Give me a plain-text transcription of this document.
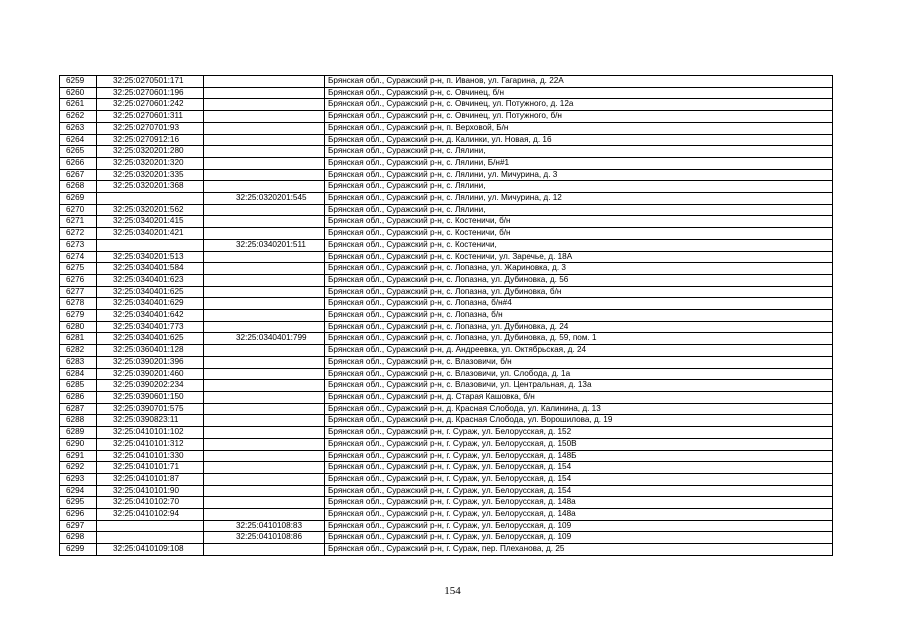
6259	32:25:0270501:171		Брянская обл., Суражский р-н, п. Иванов, ул. Гагарина, д. 22А
6260	32:25:0270601:196		Брянская обл., Суражский р-н, с. Овчинец, б/н
6261	32:25:0270601:242		Брянская обл., Суражский р-н, с. Овчинец, ул. Потужного, д. 12а
6262	32:25:0270601:311		Брянская обл., Суражский р-н, с. Овчинец, ул. Потужного, б/н
6263	32:25:0270701:93		Брянская обл., Суражский р-н, п. Верховой, Б/н
6264	32:25:0270912:16		Брянская обл., Суражский р-н, д. Калинки, ул. Новая, д. 16
6265	32:25:0320201:280		Брянская обл., Суражский р-н, с. Лялини,
6266	32:25:0320201:320		Брянская обл., Суражский р-н, с. Лялини, Б/н#1
6267	32:25:0320201:335		Брянская обл., Суражский р-н, с. Лялини, ул. Мичурина, д. 3
6268	32:25:0320201:368		Брянская обл., Суражский р-н, с. Лялини,
6269		32:25:0320201:545	Брянская обл., Суражский р-н, с. Лялини, ул. Мичурина, д. 12
6270	32:25:0320201:562		Брянская обл., Суражский р-н, с. Лялини,
6271	32:25:0340201:415		Брянская обл., Суражский р-н, с. Костеничи, б/н
6272	32:25:0340201:421		Брянская обл., Суражский р-н, с. Костеничи, б/н
6273		32:25:0340201:511	Брянская обл., Суражский р-н, с. Костеничи,
6274	32:25:0340201:513		Брянская обл., Суражский р-н, с. Костеничи, ул. Заречье, д. 18А
6275	32:25:0340401:584		Брянская обл., Суражский р-н, с. Лопазна, ул. Жариновка, д. 3
6276	32:25:0340401:623		Брянская обл., Суражский р-н, с. Лопазна, ул. Дубиновка, д. 56
6277	32:25:0340401:625		Брянская обл., Суражский р-н, с. Лопазна, ул. Дубиновка, б/н
6278	32:25:0340401:629		Брянская обл., Суражский р-н, с. Лопазна, б/н#4
6279	32:25:0340401:642		Брянская обл., Суражский р-н, с. Лопазна, б/н
6280	32:25:0340401:773		Брянская обл., Суражский р-н, с. Лопазна, ул. Дубиновка, д. 24
6281	32:25:0340401:625	32:25:0340401:799	Брянская обл., Суражский р-н, с. Лопазна, ул. Дубиновка, д. 59, пом. 1
6282	32:25:0360401:128		Брянская обл., Суражский р-н, д. Андреевка, ул. Октябрьская, д. 24
6283	32:25:0390201:396		Брянская обл., Суражский р-н, с. Влазовичи, б/н
6284	32:25:0390201:460		Брянская обл., Суражский р-н, с. Влазовичи, ул. Слобода, д. 1а
6285	32:25:0390202:234		Брянская обл., Суражский р-н, с. Влазовичи, ул. Центральная, д. 13а
6286	32:25:0390601:150		Брянская обл., Суражский р-н, д. Старая Кашовка, б/н
6287	32:25:0390701:575		Брянская обл., Суражский р-н, д. Красная Слобода, ул. Калинина, д. 13
6288	32:25:0390823:11		Брянская обл., Суражский р-н, д. Красная Слобода, ул. Ворошилова, д. 19
6289	32:25:0410101:102		Брянская обл., Суражский р-н, г. Сураж, ул. Белорусская, д. 152
6290	32:25:0410101:312		Брянская обл., Суражский р-н, г. Сураж, ул. Белорусская, д. 150В
6291	32:25:0410101:330		Брянская обл., Суражский р-н, г. Сураж, ул. Белорусская, д. 148Б
6292	32:25:0410101:71		Брянская обл., Суражский р-н, г. Сураж, ул. Белорусская, д. 154
6293	32:25:0410101:87		Брянская обл., Суражский р-н, г. Сураж, ул. Белорусская, д. 154
6294	32:25:0410101:90		Брянская обл., Суражский р-н, г. Сураж, ул. Белорусская, д. 154
6295	32:25:0410102:70		Брянская обл., Суражский р-н, г. Сураж, ул. Белорусская, д. 148а
6296	32:25:0410102:94		Брянская обл., Суражский р-н, г. Сураж, ул. Белорусская, д. 148а
6297		32:25:0410108:83	Брянская обл., Суражский р-н, г. Сураж, ул. Белорусская, д. 109
6298		32:25:0410108:86	Брянская обл., Суражский р-н, г. Сураж, ул. Белорусская, д. 109
6299	32:25:0410109:108		Брянская обл., Суражский р-н, г. Сураж, пер. Плеханова, д. 25
154
